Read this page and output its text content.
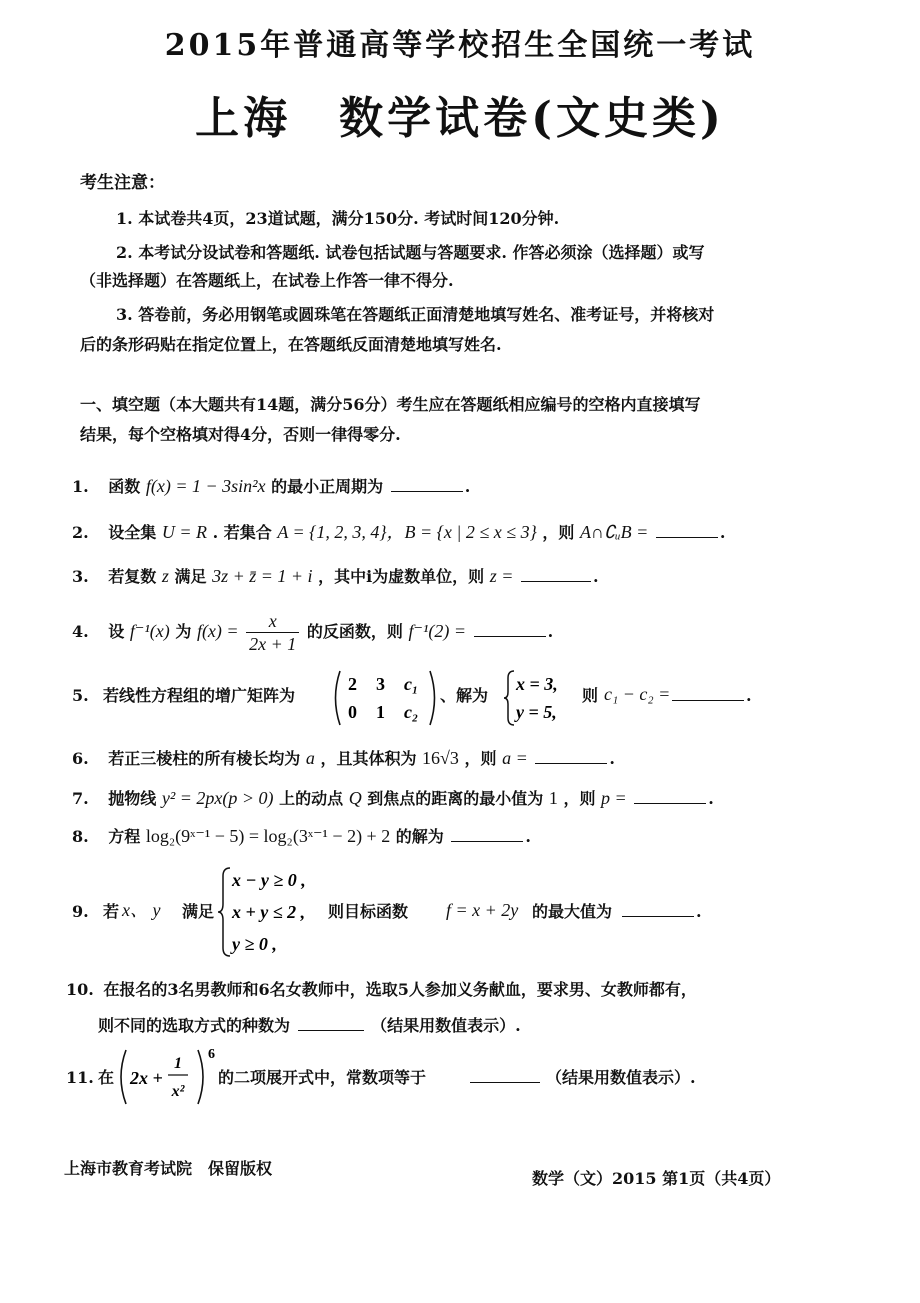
2015年普通高等学校招生全国统一考试
上海　数学试卷(文史类)
考生注意：
1. 本试卷共4页，23道试题，满分150分. 考试时间120分钟.
2. 本考试分设试卷和答题纸. 试卷包括试题与答题要求. 作答必须涂（选择题）或写
（非选择题）在答题纸上，在试卷上作答一律不得分.
3. 答卷前，务必用钢笔或圆珠笔在答题纸正面清楚地填写姓名、准考证号，并将核对
后的条形码贴在指定位置上，在答题纸反面清楚地填写姓名.
一、填空题（本大题共有14题，满分56分）考生应在答题纸相应编号的空格内直接填写
结果，每个空格填对得4分，否则一律得零分.
1. 函数 f(x) = 1 − 3sin²x 的最小正周期为	.
2. 设全集 U = R . 若集合 A = {1, 2, 3, 4}，B = {x | 2 ≤ x ≤ 3} ，则 A∩∁ᵤB =	.
3. 若复数 z 满足 3z + z̄ = 1 + i ，其中i为虚数单位，则 z =	.
4. 设 f⁻¹(x) 为 $f(x) = \frac{x}{2x + 1}$ 的反函数，则 f⁻¹(2) =	.
5. 若线性方程组的增广矩阵为
2 3 c₁
0 1 c₂
、解为
x = 3,
y = 5,
则 c₁ − c₂ =	.
6. 若正三棱柱的所有棱长均为 a ，且其体积为 16√3 ，则 a =	.
7. 抛物线 y² = 2px(p > 0) 上的动点 Q 到焦点的距离的最小值为 1 ，则 p =	.
8. 方程 log₂(9ˣ⁻¹ − 5) = log₂(3ˣ⁻¹ − 2) + 2 的解为	.
9. 若 x、 y 满足
x − y ≥ 0 ,
x + y ≤ 2 ,
y ≥ 0 ,
则目标函数 f = x + 2y 的最大值为	.
10. 在报名的3名男教师和6名女教师中，选取5人参加义务献血，要求男、女教师都有，
则不同的选取方式的种数为	（结果用数值表示）.
11. 在 2x +
1
x²
6
的二项展开式中，常数项等于	（结果用数值表示）.
上海市教育考试院　保留版权
数学（文）2015 第1页（共4页）
